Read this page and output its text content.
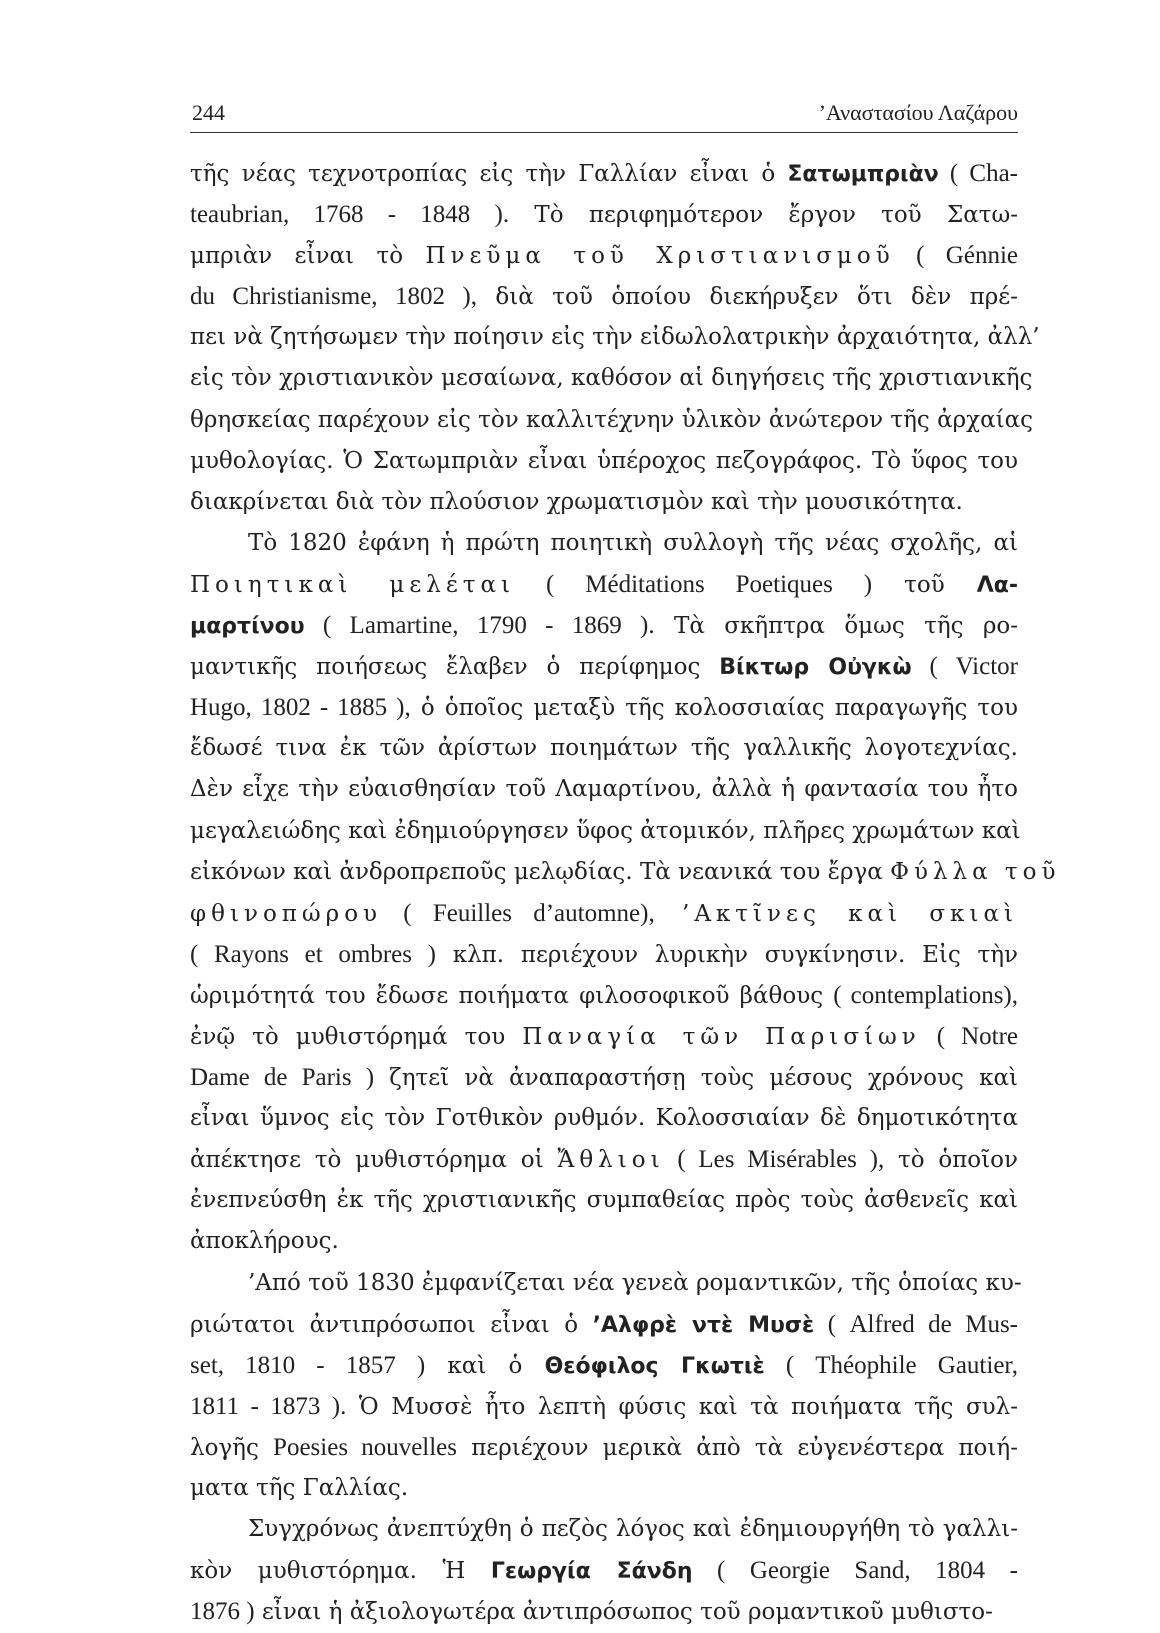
244	’Αναστασίου Λαζάρου
τῆς νέας τεχνοτροπίας εἰς τὴν Γαλλίαν εἶναι ὁ Σατωμπριὰν ( Cha-
teaubrian, 1768 - 1848 ). Τὸ περιφημότερον ἔργον τοῦ Σατω-
μπριὰν εἶναι τὸ Πνεῦμα τοῦ Χριστιανισμοῦ ( Génnie
du Christianisme, 1802 ), διὰ τοῦ ὁποίου διεκήρυξεν ὅτι δὲν πρέ-
πει νὰ ζητήσωμεν τὴν ποίησιν εἰς τὴν εἰδωλολατρικὴν ἀρχαιότητα, ἀλλ’
εἰς τὸν χριστιανικὸν μεσαίωνα, καθόσον αἱ διηγήσεις τῆς χριστιανικῆς
θρησκείας παρέχουν εἰς τὸν καλλιτέχνην ὑλικὸν ἀνώτερον τῆς ἀρχαίας
μυθολογίας. Ὁ Σατωμπριὰν εἶναι ὑπέροχος πεζογράφος. Τὸ ὕφος του
διακρίνεται διὰ τὸν πλούσιον χρωματισμὸν καὶ τὴν μουσικότητα.
Τὸ 1820 ἐφάνη ἡ πρώτη ποιητικὴ συλλογὴ τῆς νέας σχολῆς, αἱ
Ποιητικαὶ μελέται ( Méditations Poetiques ) τοῦ Λα-
μαρτίνου ( Lamartine, 1790 - 1869 ). Τὰ σκῆπτρα ὅμως τῆς ρο-
μαντικῆς ποιήσεως ἔλαβεν ὁ περίφημος Βίκτωρ Οὐγκὼ ( Victor
Hugo, 1802 - 1885 ), ὁ ὁποῖος μεταξὺ τῆς κολοσσιαίας παραγωγῆς του
ἔδωσέ τινα ἐκ τῶν ἀρίστων ποιημάτων τῆς γαλλικῆς λογοτεχνίας.
Δὲν εἶχε τὴν εὐαισθησίαν τοῦ Λαμαρτίνου, ἀλλὰ ἡ φαντασία του ἦτο
μεγαλειώδης καὶ ἐδημιούργησεν ὕφος ἀτομικόν, πλῆρες χρωμάτων καὶ
εἰκόνων καὶ ἀνδροπρεποῦς μελῳδίας. Τὰ νεανικά του ἔργα Φύλλα τοῦ
φθινοπώρου ( Feuilles d’automne), ’Ακτῖνες καὶ σκιαὶ
( Rayons et ombres ) κλπ. περιέχουν λυρικὴν συγκίνησιν. Εἰς τὴν
ὡριμότητά του ἔδωσε ποιήματα φιλοσοφικοῦ βάθους ( contemplations),
ἐνῷ τὸ μυθιστόρημά του Παναγία τῶν Παρισίων ( Notre
Dame de Paris ) ζητεῖ νὰ ἀναπαραστήσῃ τοὺς μέσους χρόνους καὶ
εἶναι ὕμνος εἰς τὸν Γοτθικὸν ρυθμόν. Κολοσσιαίαν δὲ δημοτικότητα
ἀπέκτησε τὸ μυθιστόρημα οἱ Ἄθλιοι ( Les Misérables ), τὸ ὁποῖον
ἐνεπνεύσθη ἐκ τῆς χριστιανικῆς συμπαθείας πρὸς τοὺς ἀσθενεῖς καὶ
ἀποκλήρους.
’Από τοῦ 1830 ἐμφανίζεται νέα γενεὰ ρομαντικῶν, τῆς ὁποίας κυ-
ριώτατοι ἀντιπρόσωποι εἶναι ὁ ’Αλφρὲ ντὲ Μυσὲ ( Alfred de Mus-
set, 1810 - 1857 ) καὶ ὁ Θεόφιλος Γκωτιὲ ( Théophile Gautier,
1811 - 1873 ). Ὁ Μυσσὲ ἦτο λεπτὴ φύσις καὶ τὰ ποιήματα τῆς συλ-
λογῆς Poesies nouvelles περιέχουν μερικὰ ἀπὸ τὰ εὐγενέστερα ποιή-
ματα τῆς Γαλλίας.
Συγχρόνως ἀνεπτύχθη ὁ πεζὸς λόγος καὶ ἐδημιουργήθη τὸ γαλλι-
κὸν μυθιστόρημα. Ἡ Γεωργία Σάνδη ( Georgie Sand, 1804 -
1876 ) εἶναι ἡ ἀξιολογωτέρα ἀντιπρόσωπος τοῦ ρομαντικοῦ μυθιστο-
